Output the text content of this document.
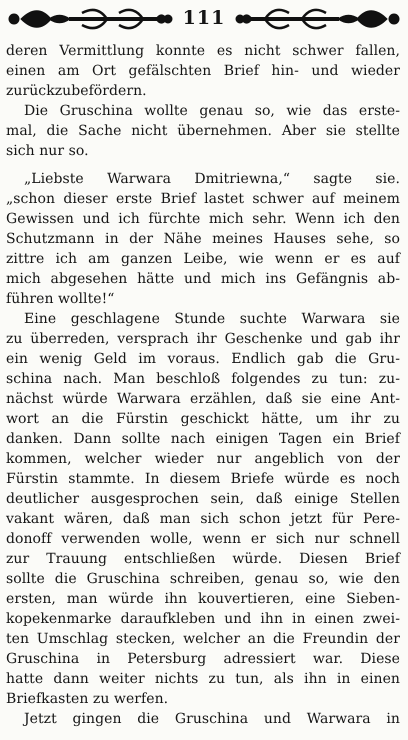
111
deren Vermittlung konnte es nicht schwer fallen,
einen am Ort gefälschten Brief hin- und wieder
zurückzubefördern.
Die Gruschina wollte genau so, wie das erste-
mal, die Sache nicht übernehmen. Aber sie stellte
sich nur so.
„Liebste Warwara Dmitriewna,“ sagte sie.
„schon dieser erste Brief lastet schwer auf meinem
Gewissen und ich fürchte mich sehr. Wenn ich den
Schutzmann in der Nähe meines Hauses sehe, so
zittre ich am ganzen Leibe, wie wenn er es auf
mich abgesehen hätte und mich ins Gefängnis ab-
führen wollte!“
Eine geschlagene Stunde suchte Warwara sie
zu überreden, versprach ihr Geschenke und gab ihr
ein wenig Geld im voraus. Endlich gab die Gru-
schina nach. Man beschloß folgendes zu tun: zu-
nächst würde Warwara erzählen, daß sie eine Ant-
wort an die Fürstin geschickt hätte, um ihr zu
danken. Dann sollte nach einigen Tagen ein Brief
kommen, welcher wieder nur angeblich von der
Fürstin stammte. In diesem Briefe würde es noch
deutlicher ausgesprochen sein, daß einige Stellen
vakant wären, daß man sich schon jetzt für Pere-
donoff verwenden wolle, wenn er sich nur schnell
zur Trauung entschließen würde. Diesen Brief
sollte die Gruschina schreiben, genau so, wie den
ersten, man würde ihn kouvertieren, eine Sieben-
kopekenmarke daraufkleben und ihn in einen zwei-
ten Umschlag stecken, welcher an die Freundin der
Gruschina in Petersburg adressiert war. Diese
hatte dann weiter nichts zu tun, als ihn in einen
Briefkasten zu werfen.
Jetzt gingen die Gruschina und Warwara in
